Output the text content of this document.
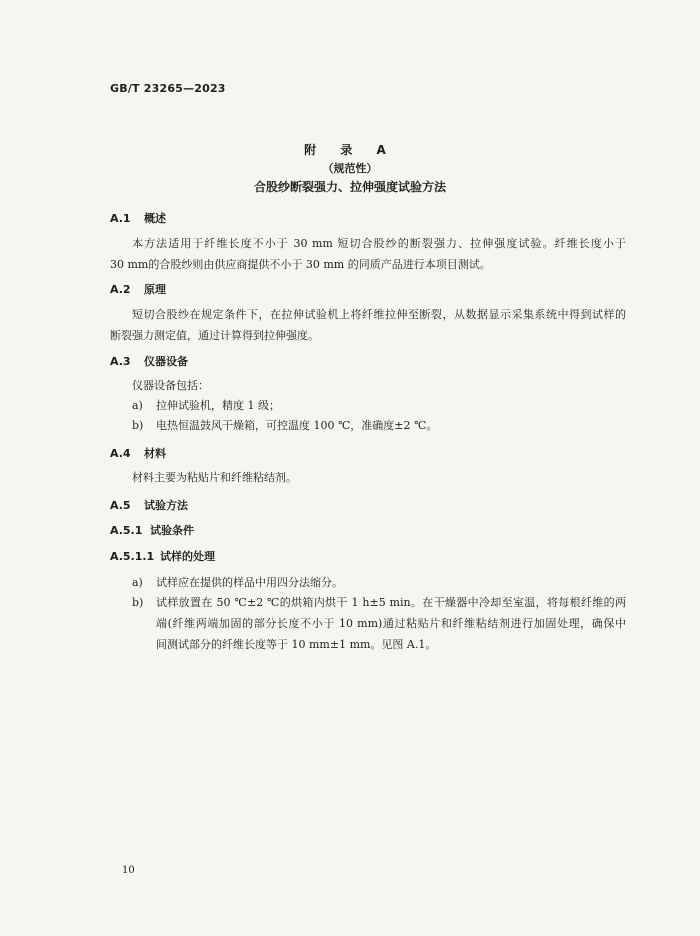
GB/T 23265—2023
附 录 A
（规范性）
合股纱断裂强力、拉伸强度试验方法
A.1 概述
本方法适用于纤维长度不小于 30 mm 短切合股纱的断裂强力、拉伸强度试验。纤维长度小于
30 mm的合股纱则由供应商提供不小于 30 mm 的同质产品进行本项目测试。
A.2 原理
短切合股纱在规定条件下，在拉伸试验机上将纤维拉伸至断裂，从数据显示采集系统中得到试样的
断裂强力测定值，通过计算得到拉伸强度。
A.3 仪器设备
仪器设备包括：
a) 拉伸试验机，精度 1 级；
b) 电热恒温鼓风干燥箱，可控温度 100 ℃，准确度±2 ℃。
A.4 材料
材料主要为粘贴片和纤维粘结剂。
A.5 试验方法
A.5.1 试验条件
A.5.1.1 试样的处理
a) 试样应在提供的样品中用四分法缩分。
b) 试样放置在 50 ℃±2 ℃的烘箱内烘干 1 h±5 min。在干燥器中冷却至室温，将每根纤维的两
端(纤维两端加固的部分长度不小于 10 mm)通过粘贴片和纤维粘结剂进行加固处理，确保中
间测试部分的纤维长度等于 10 mm±1 mm。见图 A.1。
10
